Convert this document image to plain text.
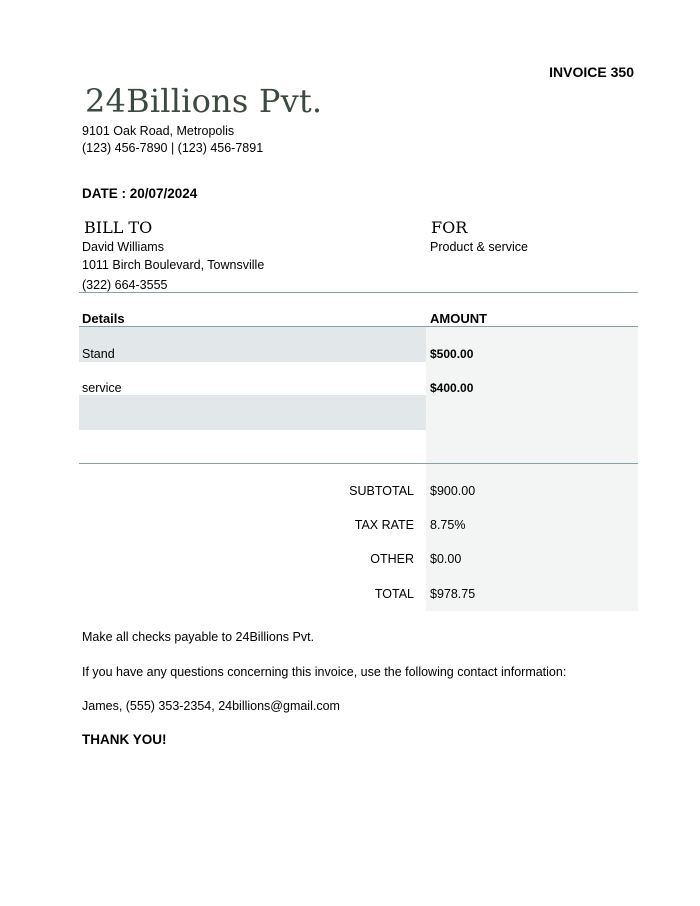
INVOICE 350
24Billions Pvt.
9101 Oak Road, Metropolis
(123) 456-7890 | (123) 456-7891
DATE : 20/07/2024
BILL TO	FOR
David Williams
1011 Birch Boulevard, Townsville
(322) 664-3555
Product & service
Details	AMOUNT
Stand	$500.00
service	$400.00
SUBTOTAL $900.00
TAX RATE 8.75%
OTHER $0.00
TOTAL $978.75
Make all checks payable to 24Billions Pvt.
If you have any questions concerning this invoice, use the following contact information:
James, (555) 353-2354, 24billions@gmail.com
THANK YOU!
